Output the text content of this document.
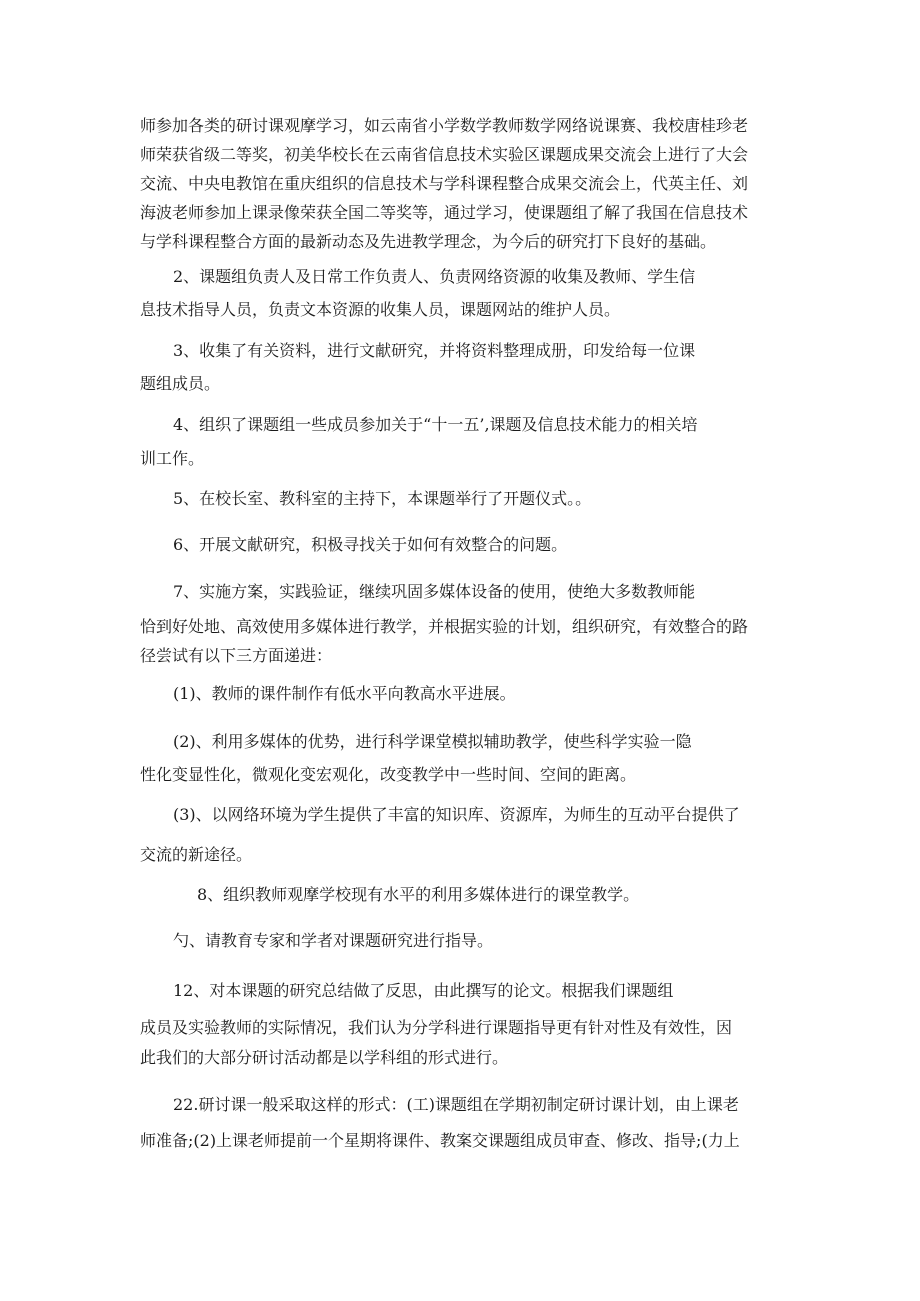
师参加各类的研讨课观摩学习，如云南省小学数学教师数学网络说课赛、我校唐桂珍老

师荣获省级二等奖，初美华校长在云南省信息技术实验区课题成果交流会上进行了大会

交流、中央电教馆在重庆组织的信息技术与学科课程整合成果交流会上，代英主任、刘

海波老师参加上课录像荣获全国二等奖等，通过学习，使课题组了解了我国在信息技术

与学科课程整合方面的最新动态及先进教学理念，为今后的研究打下良好的基础。

2、课题组负责人及日常工作负责人、负责网络资源的收集及教师、学生信

息技术指导人员，负责文本资源的收集人员，课题网站的维护人员。

3、收集了有关资料，进行文献研究，并将资料整理成册，印发给每一位课

题组成员。

4、组织了课题组一些成员参加关于“十一五’,课题及信息技术能力的相关培

训工作。

5、在校长室、教科室的主持下，本课题举行了开题仪式。。

6、开展文献研究，积极寻找关于如何有效整合的问题。

7、实施方案，实践验证，继续巩固多媒体设备的使用，使绝大多数教师能

恰到好处地、高效使用多媒体进行教学，并根据实验的计划，组织研究，有效整合的路

径尝试有以下三方面递进：

(1)、教师的课件制作有低水平向教高水平进展。

(2)、利用多媒体的优势，进行科学课堂模拟辅助教学，使些科学实验一隐

性化变显性化，微观化变宏观化，改变教学中一些时间、空间的距离。

(3)、以网络环境为学生提供了丰富的知识库、资源库，为师生的互动平台提供了

交流的新途径。

8、组织教师观摩学校现有水平的利用多媒体进行的课堂教学。

勺、请教育专家和学者对课题研究进行指导。

12、对本课题的研究总结做了反思，由此撰写的论文。根据我们课题组

成员及实验教师的实际情况，我们认为分学科进行课题指导更有针对性及有效性，因

此我们的大部分研讨活动都是以学科组的形式进行。

22.研讨课一般采取这样的形式：(工)课题组在学期初制定研讨课计划，由上课老

师准备;(2)上课老师提前一个星期将课件、教案交课题组成员审查、修改、指导;(力上
